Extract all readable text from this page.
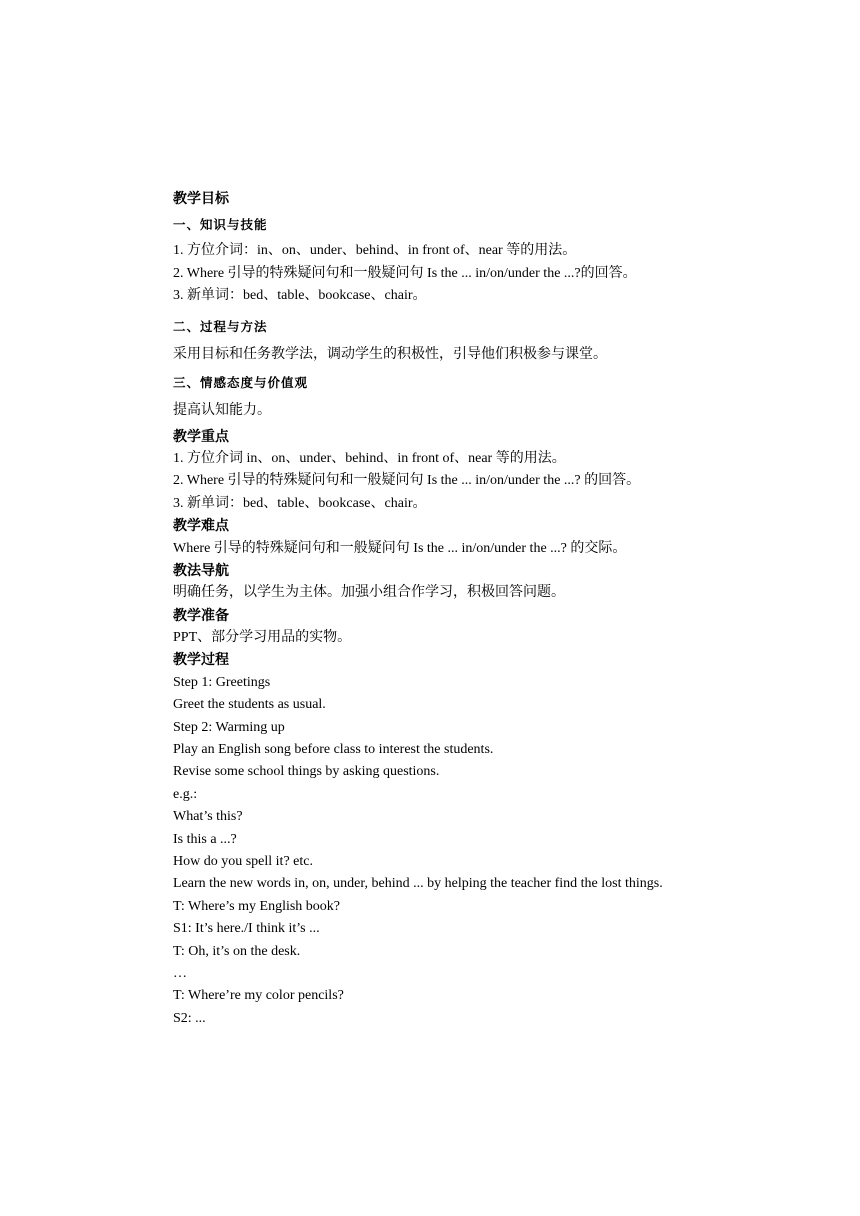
教学目标
一、知识与技能
1. 方位介词：in、on、under、behind、in front of、near 等的用法。
2. Where 引导的特殊疑问句和一般疑问句 Is the ... in/on/under the ...?的回答。
3. 新单词：bed、table、bookcase、chair。
二、过程与方法
采用目标和任务教学法，调动学生的积极性，引导他们积极参与课堂。
三、情感态度与价值观
提高认知能力。
教学重点
1. 方位介词 in、on、under、behind、in front of、near 等的用法。
2. Where 引导的特殊疑问句和一般疑问句 Is the ... in/on/under the ...? 的回答。
3. 新单词：bed、table、bookcase、chair。
教学难点
Where 引导的特殊疑问句和一般疑问句 Is the ... in/on/under the ...? 的交际。
教法导航
明确任务，以学生为主体。加强小组合作学习，积极回答问题。
教学准备
PPT、部分学习用品的实物。
教学过程
Step 1: Greetings
Greet the students as usual.
Step 2: Warming up
Play an English song before class to interest the students.
Revise some school things by asking questions.
e.g.:
What’s this?
Is this a ...?
How do you spell it? etc.
Learn the new words in, on, under, behind ... by helping the teacher find the lost things.
T: Where’s my English book?
S1: It’s here./I think it’s ...
T: Oh, it’s on the desk.
…
T: Where’re my color pencils?
S2: ...
